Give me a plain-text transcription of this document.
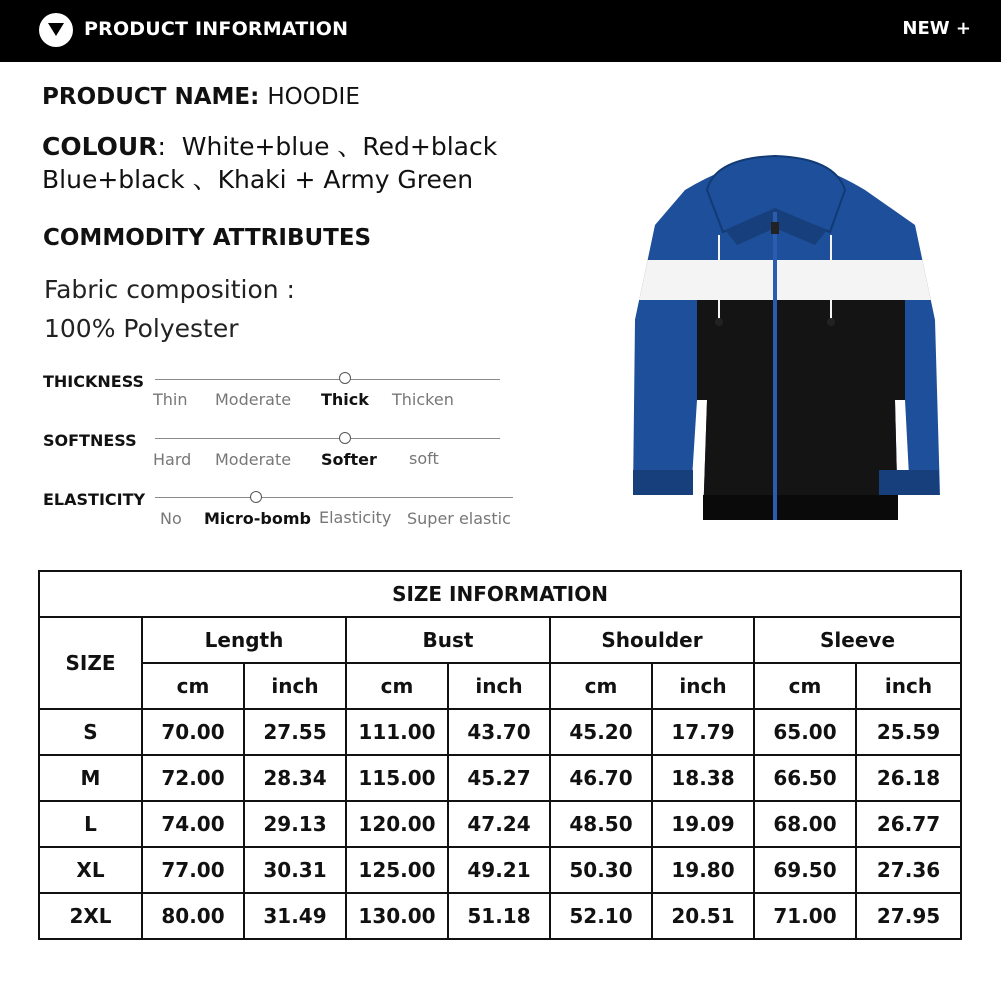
PRODUCT INFORMATION	NEW +
PRODUCT NAME: HOODIE
COLOUR:  White+blue 、Red+black
Blue+black 、Khaki + Army Green
COMMODITY ATTRIBUTES
Fabric composition :
100% Polyester
THICKNESS
Thin Moderate Thick Thicken
SOFTNESS
Hard Moderate Softer soft
ELASTICITY
No Micro-bomb Elasticity Super elastic
SIZE INFORMATION								
SIZE	Length		Bust		Shoulder		Sleeve	
	cm	inch	cm	inch	cm	inch	cm	inch
S	70.00	27.55	111.00	43.70	45.20	17.79	65.00	25.59
M	72.00	28.34	115.00	45.27	46.70	18.38	66.50	26.18
L	74.00	29.13	120.00	47.24	48.50	19.09	68.00	26.77
XL	77.00	30.31	125.00	49.21	50.30	19.80	69.50	27.36
2XL	80.00	31.49	130.00	51.18	52.10	20.51	71.00	27.95
